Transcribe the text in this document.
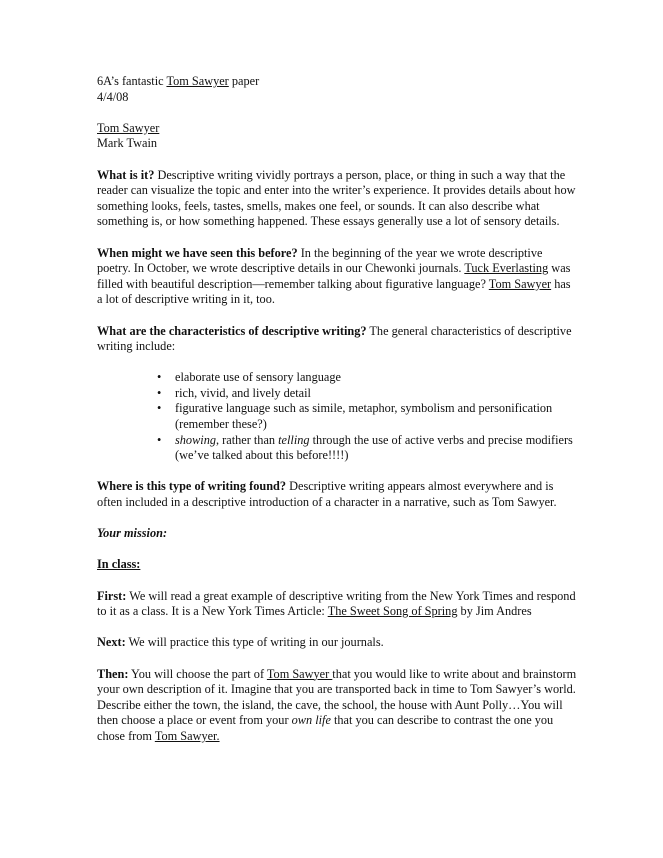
6A’s fantastic Tom Sawyer paper

4/4/08

Tom Sawyer

Mark Twain

What is it? Descriptive writing vividly portrays a person, place, or thing in such a way that the reader can visualize the topic and enter into the writer’s experience. It provides details about how something looks, feels, tastes, smells, makes one feel, or sounds. It can also describe what something is, or how something happened. These essays generally use a lot of sensory details.

When might we have seen this before? In the beginning of the year we wrote descriptive poetry. In October, we wrote descriptive details in our Chewonki journals. Tuck Everlasting was filled with beautiful description—remember talking about figurative language? Tom Sawyer has a lot of descriptive writing in it, too.

What are the characteristics of descriptive writing? The general characteristics of descriptive writing include:

• elaborate use of sensory language
• rich, vivid, and lively detail
• figurative language such as simile, metaphor, symbolism and personification (remember these?)
• showing, rather than telling through the use of active verbs and precise modifiers (we’ve talked about this before!!!!)

Where is this type of writing found? Descriptive writing appears almost everywhere and is often included in a descriptive introduction of a character in a narrative, such as Tom Sawyer.

Your mission:

In class:

First: We will read a great example of descriptive writing from the New York Times and respond to it as a class. It is a New York Times Article: The Sweet Song of Spring by Jim Andres

Next: We will practice this type of writing in our journals.

Then: You will choose the part of Tom Sawyer that you would like to write about and brainstorm your own description of it. Imagine that you are transported back in time to Tom Sawyer’s world. Describe either the town, the island, the cave, the school, the house with Aunt Polly…You will then choose a place or event from your own life that you can describe to contrast the one you chose from Tom Sawyer.
